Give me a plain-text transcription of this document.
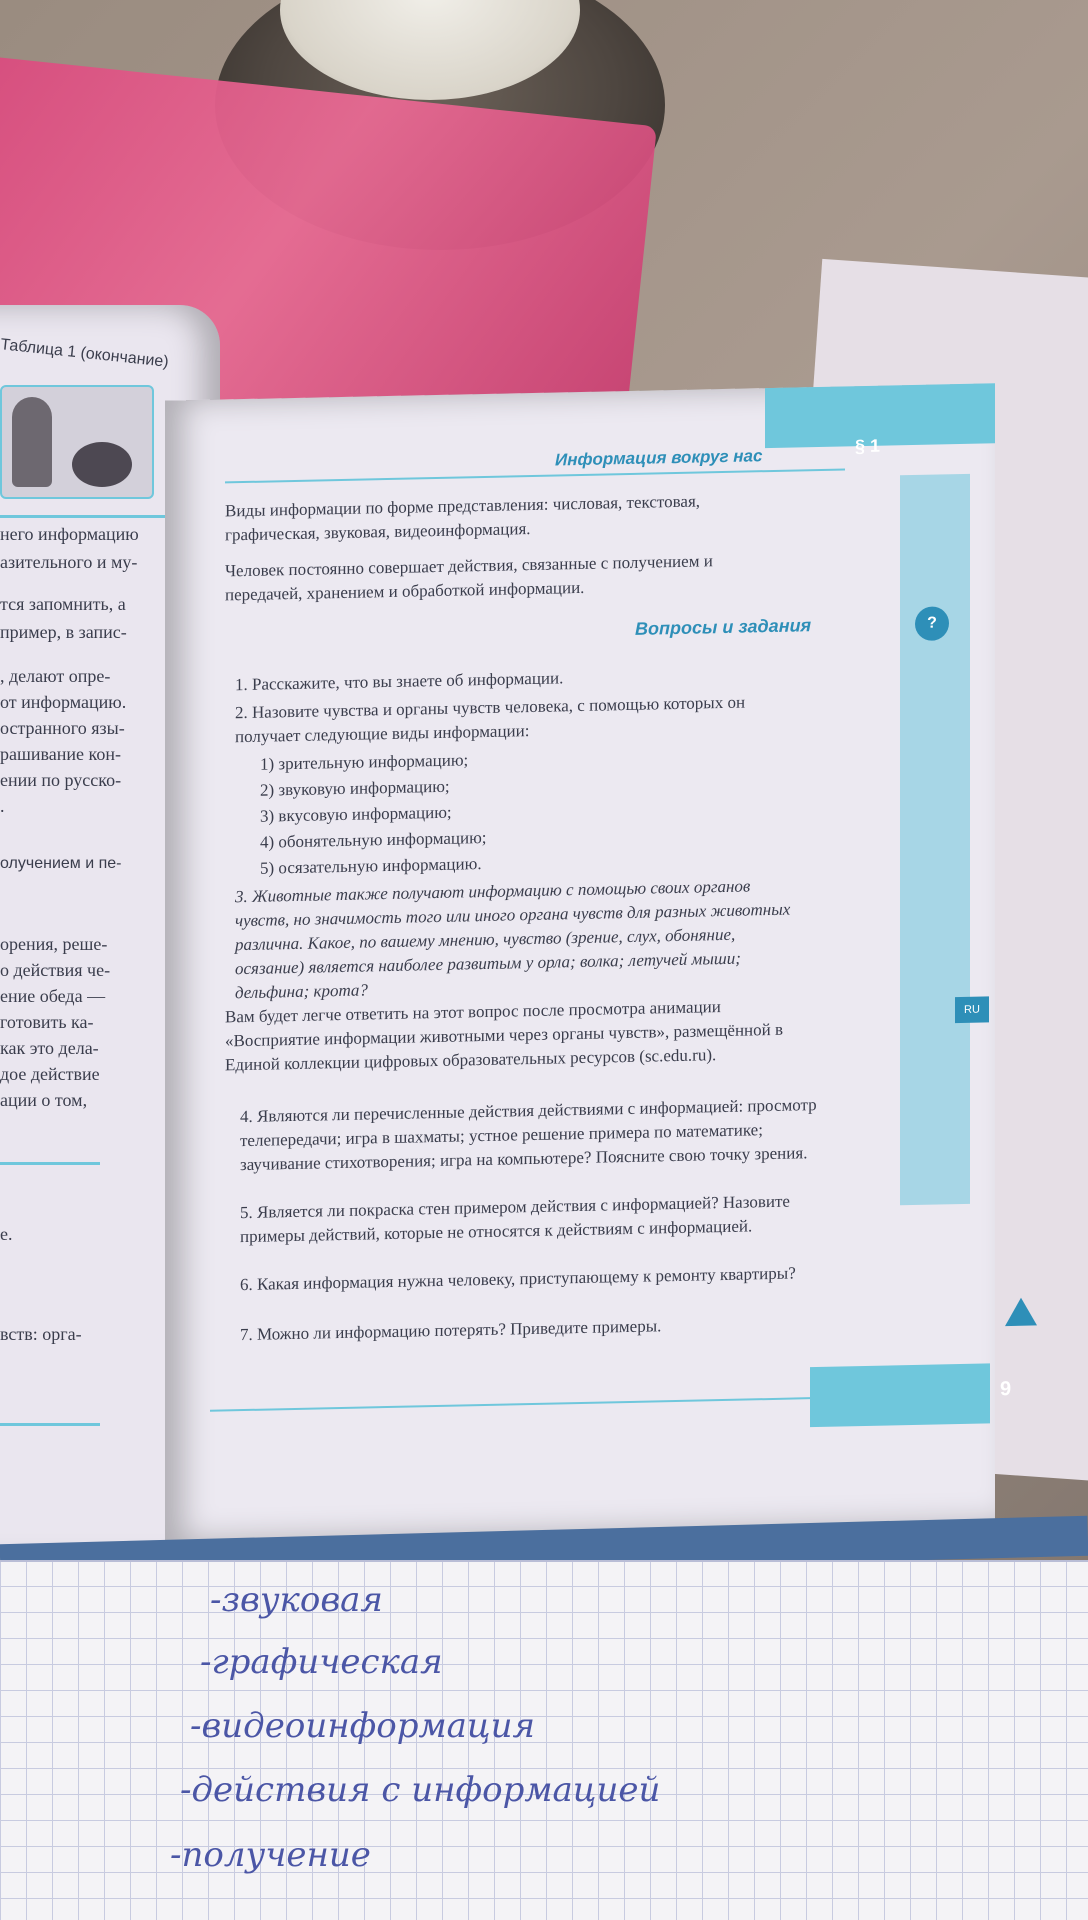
Таблица 1 (окончание)

него информацию

азительного и му-

тся запомнить, а

пример, в запис-

, делают опре-

от информацию.

остранного язы-

рашивание кон-

ении по русско-

.

олучением и пе-

орения, реше-

о действия че-

ение обеда —

готовить ка-

как это дела-

дое действие

ации о том,

е.

вств: орга-

Информация вокруг нас

§ 1

Виды информации по форме представления: числовая, текстовая, графическая, звуковая, видеоинформация.

Человек постоянно совершает действия, связанные с получением и передачей, хранением и обработкой информации.

Вопросы и задания	?

1. Расскажите, что вы знаете об информации.

2. Назовите чувства и органы чувств человека, с помощью которых он получает следующие виды информации:

1) зрительную информацию;

2) звуковую информацию;

3) вкусовую информацию;

4) обонятельную информацию;

5) осязательную информацию.

3. Животные также получают информацию с помощью своих органов чувств, но значимость того или иного органа чувств для разных животных различна. Какое, по вашему мнению, чувство (зрение, слух, обоняние, осязание) является наиболее развитым у орла; волка; летучей мыши; дельфина; крота?

Вам будет легче ответить на этот вопрос после просмотра анимации «Восприятие информации животными через органы чувств», размещённой в Единой коллекции цифровых образовательных ресурсов (sc.edu.ru).

RU

4. Являются ли перечисленные действия действиями с информацией: просмотр телепередачи; игра в шахматы; устное решение примера по математике; заучивание стихотворения; игра на компьютере? Поясните свою точку зрения.

5. Является ли покраска стен примером действия с информацией? Назовите примеры действий, которые не относятся к действиям с информацией.

6. Какая информация нужна человеку, приступающему к ремонту квартиры?

7. Можно ли информацию потерять? Приведите примеры.

9

-звуковая

-графическая

-видеоинформация

-действия с информацией

-получение
